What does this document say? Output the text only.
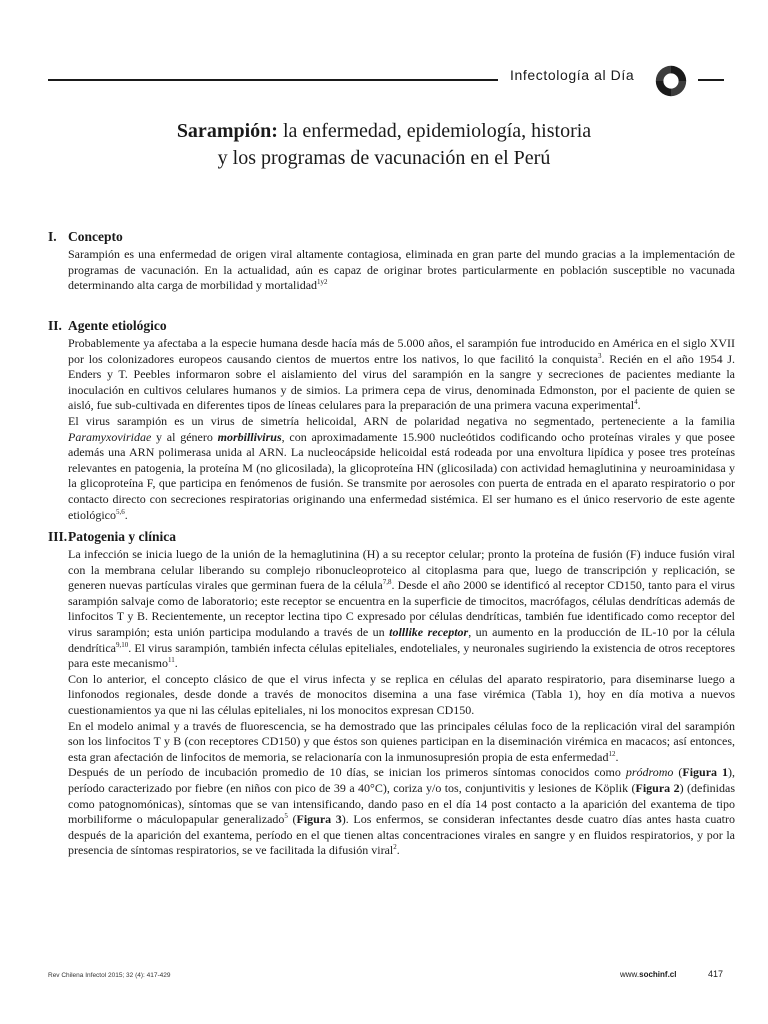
Infectología al Día
Sarampión: la enfermedad, epidemiología, historia
y los programas de vacunación en el Perú
I. Concepto

Sarampión es una enfermedad de origen viral altamente contagiosa, eliminada en gran parte del mundo gracias a la implementación de programas de vacunación. En la actualidad, aún es capaz de originar brotes particularmente en población susceptible no vacunada determinando alta carga de morbilidad y mortalidad$^{1y2}$

II. Agente etiológico

Probablemente ya afectaba a la especie humana desde hacía más de 5.000 años, el sarampión fue introducido en América en el siglo XVII por los colonizadores europeos causando cientos de muertos entre los nativos, lo que facilitó la conquista$^3$. Recién en el año 1954 J. Enders y T. Peebles informaron sobre el aislamiento del virus del sarampión en la sangre y secreciones de pacientes mediante la inoculación en cultivos celulares humanos y de simios. La primera cepa de virus, denominada Edmonston, por el paciente de quien se aisló, fue sub-cultivada en diferentes tipos de líneas celulares para la preparación de una primera vacuna experimental$^4$.

El virus sarampión es un virus de simetría helicoidal, ARN de polaridad negativa no segmentado, perteneciente a la familia Paramyxoviridae y al género morbillivirus, con aproximadamente 15.900 nucleótidos codificando ocho proteínas virales y que posee además una ARN polimerasa unida al ARN. La nucleocápside helicoidal está rodeada por una envoltura lipídica y posee tres proteínas relevantes en patogenia, la proteína M (no glicosilada), la glicoproteína HN (glicosilada) con actividad hemaglutinina y neuroaminidasa y la glicoproteína F, que participa en fenómenos de fusión. Se transmite por aerosoles con puerta de entrada en el aparato respiratorio o por contacto directo con secreciones respiratorias originando una enfermedad sistémica. El ser humano es el único reservorio de este agente etiológico$^{5,6}$.

III. Patogenia y clínica

La infección se inicia luego de la unión de la hemaglutinina (H) a su receptor celular; pronto la proteína de fusión (F) induce fusión viral con la membrana celular liberando su complejo ribonucleoproteico al citoplasma para que, luego de transcripción y replicación, se generen nuevas partículas virales que germinan fuera de la célula$^{7,8}$. Desde el año 2000 se identificó al receptor CD150, tanto para el virus sarampión salvaje como de laboratorio; este receptor se encuentra en la superficie de timocitos, macrófagos, células dendríticas además de linfocitos T y B. Recientemente, un receptor lectina tipo C expresado por células dendríticas, también fue identificado como receptor del virus sarampión; esta unión participa modulando a través de un tolllike receptor, un aumento en la producción de IL-10 por la célula dendrítica$^{9,10}$. El virus sarampión, también infecta células epiteliales, endoteliales, y neuronales sugiriendo la existencia de otros receptores para este mecanismo$^{11}$.

Con lo anterior, el concepto clásico de que el virus infecta y se replica en células del aparato respiratorio, para diseminarse luego a linfonodos regionales, desde donde a través de monocitos disemina a una fase virémica (Tabla 1), hoy en día motiva a nuevos cuestionamientos ya que ni las células epiteliales, ni los monocitos expresan CD150.

En el modelo animal y a través de fluorescencia, se ha demostrado que las principales células foco de la replicación viral del sarampión son los linfocitos T y B (con receptores CD150) y que éstos son quienes participan en la diseminación virémica en macacos; así entonces, esta gran afectación de linfocitos de memoria, se relacionaría con la inmunosupresión propia de esta enfermedad$^{12}$.

Después de un período de incubación promedio de 10 días, se inician los primeros síntomas conocidos como pródromo (Figura 1), período caracterizado por fiebre (en niños con pico de 39 a 40°C), coriza y/o tos, conjuntivitis y lesiones de Köplik (Figura 2) (definidas como patognomónicas), síntomas que se van intensificando, dando paso en el día 14 post contacto a la aparición del exantema de tipo morbiliforme o máculopapular generalizado$^5$ (Figura 3). Los enfermos, se consideran infectantes desde cuatro días antes hasta cuatro después de la aparición del exantema, período en el que tienen altas concentraciones virales en sangre y en fluidos respiratorios, y por la presencia de síntomas respiratorios, se ve facilitada la difusión viral$^2$.

Rev Chilena Infectol 2015; 32 (4): 417-429	www.sochinf.cl	417
